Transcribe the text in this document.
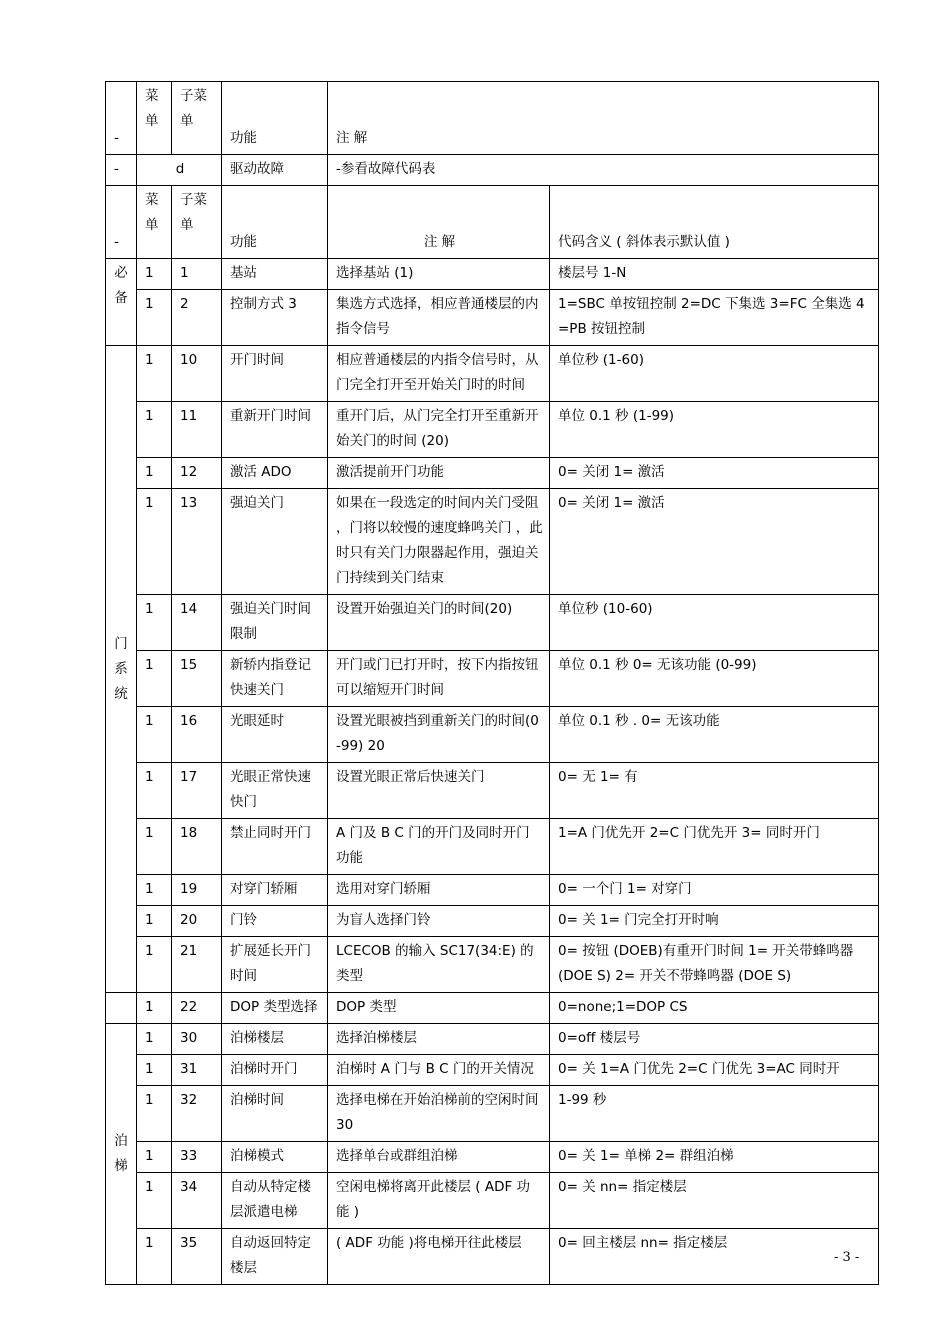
-	菜单	子菜单	功能	注 解	
-	d		驱动故障	-参看故障代码表	
-	菜单	子菜单	功能	注 解	代码含义 ( 斜体表示默认值 )
必备	1	1	基站	选择基站 (1)	楼层号 1-N
	1	2	控制方式 3	集选方式选择，相应普通楼层的内指令信号	1=SBC 单按钮控制 2=DC 下集选 3=FC 全集选 4=PB 按钮控制
门系统	1	10	开门时间	相应普通楼层的内指令信号时，从门完全打开至开始关门时的时间	单位秒 (1-60)
	1	11	重新开门时间	重开门后，从门完全打开至重新开始关门的时间 (20)	单位 0.1 秒 (1-99)
	1	12	激活 ADO	激活提前开门功能	0= 关闭 1= 激活
	1	13	强迫关门	如果在一段选定的时间内关门受阻 ，门将以较慢的速度蜂鸣关门 ，此时只有关门力限器起作用，强迫关门持续到关门结束	0= 关闭 1= 激活
	1	14	强迫关门时间限制	设置开始强迫关门的时间(20)	单位秒 (10-60)
	1	15	新轿内指登记快速关门	开门或门已打开时，按下内指按钮可以缩短开门时间	单位 0.1 秒 0= 无该功能 (0-99)
	1	16	光眼延时	设置光眼被挡到重新关门的时间(0-99) 20	单位 0.1 秒 . 0= 无该功能
	1	17	光眼正常快速快门	设置光眼正常后快速关门	0= 无 1= 有
	1	18	禁止同时开门	A 门及 B C 门的开门及同时开门功能	1=A 门优先开 2=C 门优先开 3= 同时开门
	1	19	对穿门轿厢	选用对穿门轿厢	0= 一个门 1= 对穿门
	1	20	门铃	为盲人选择门铃	0= 关 1= 门完全打开时响
	1	21	扩展延长开门时间	LCECOB 的输入 SC17(34:E) 的类型	0= 按钮 (DOEB)有重开门时间 1= 开关带蜂鸣器 (DOE S) 2= 开关不带蜂鸣器 (DOE S)
	1	22	DOP 类型选择	DOP 类型	0=none;1=DOP CS
泊梯	1	30	泊梯楼层	选择泊梯楼层	0=off 楼层号
	1	31	泊梯时开门	泊梯时 A 门与 B C 门的开关情况	0= 关 1=A 门优先 2=C 门优先 3=AC 同时开
	1	32	泊梯时间	选择电梯在开始泊梯前的空闲时间 30	1-99 秒
	1	33	泊梯模式	选择单台或群组泊梯	0= 关 1= 单梯 2= 群组泊梯
	1	34	自动从特定楼层派遣电梯	空闲电梯将离开此楼层 ( ADF 功能 )	0= 关 nn= 指定楼层
	1	35	自动返回特定楼层	( ADF 功能 )将电梯开往此楼层	0= 回主楼层 nn= 指定楼层
- 3 -
